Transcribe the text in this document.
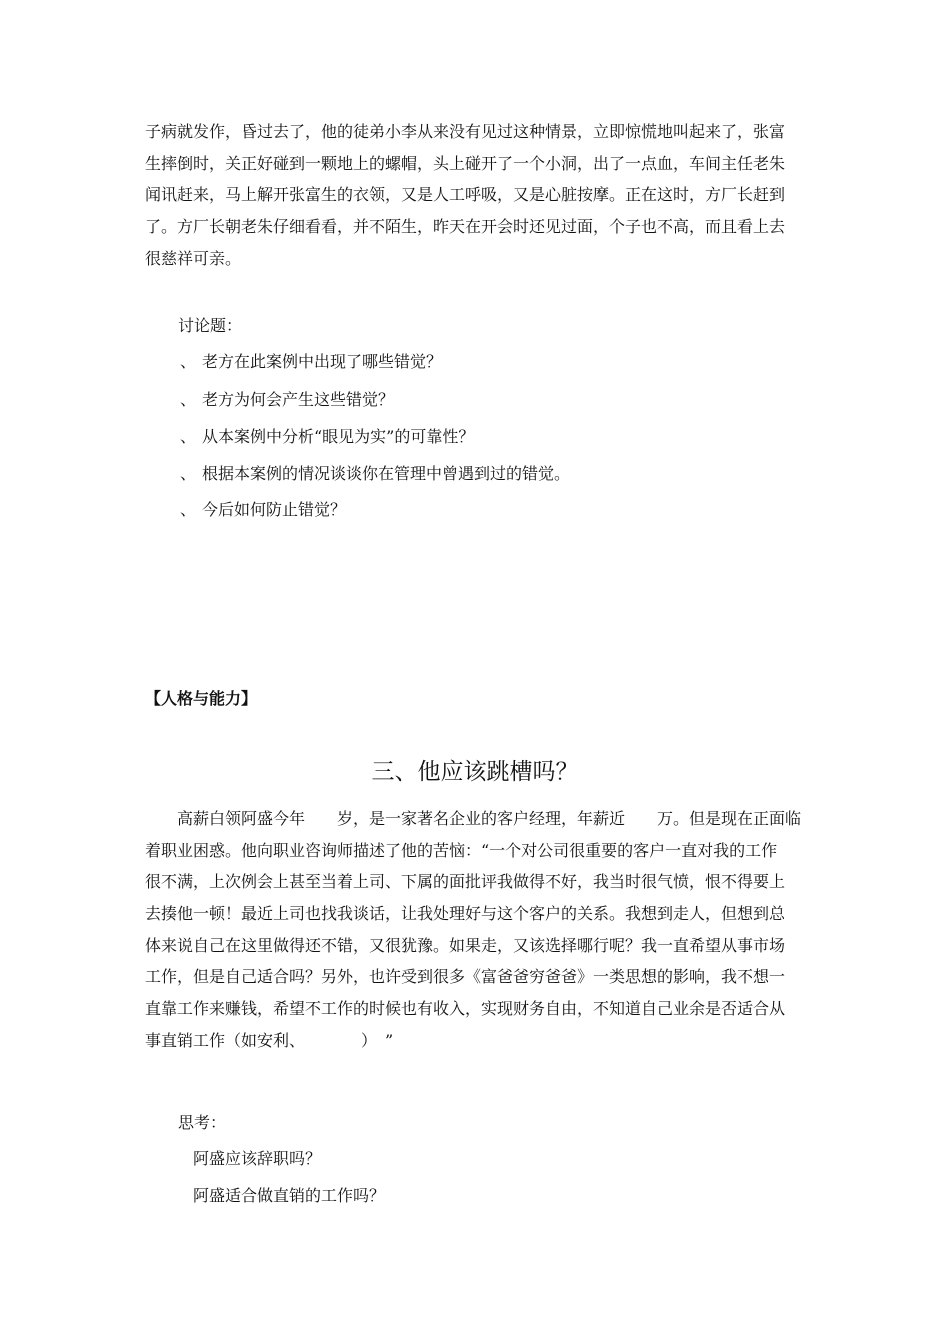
子病就发作，昏过去了，他的徒弟小李从来没有见过这种情景，立即惊慌地叫起来了，张富
生摔倒时，关正好碰到一颗地上的螺帽，头上碰开了一个小洞，出了一点血，车间主任老朱
闻讯赶来，马上解开张富生的衣领，又是人工呼吸，又是心脏按摩。正在这时，方厂长赶到
了。方厂长朝老朱仔细看看，并不陌生，昨天在开会时还见过面，个子也不高，而且看上去
很慈祥可亲。

讨论题：

、 老方在此案例中出现了哪些错觉？

、 老方为何会产生这些错觉？

、 从本案例中分析“眼见为实”的可靠性？

、 根据本案例的情况谈谈你在管理中曾遇到过的错觉。

、 今后如何防止错觉？

【人格与能力】

三、他应该跳槽吗？
　　高薪白领阿盛今年　　岁，是一家著名企业的客户经理，年薪近　　万。但是现在正面临
着职业困惑。他向职业咨询师描述了他的苦恼：“一个对公司很重要的客户一直对我的工作
很不满，上次例会上甚至当着上司、下属的面批评我做得不好，我当时很气愤，恨不得要上
去揍他一顿！最近上司也找我谈话，让我处理好与这个客户的关系。我想到走人，但想到总
体来说自己在这里做得还不错，又很犹豫。如果走，又该选择哪行呢？我一直希望从事市场
工作，但是自己适合吗？另外，也许受到很多《富爸爸穷爸爸》一类思想的影响，我不想一
直靠工作来赚钱，希望不工作的时候也有收入，实现财务自由，不知道自己业余是否适合从
事直销工作（如安利、　　　　）　”

思考：

阿盛应该辞职吗？

阿盛适合做直销的工作吗？
